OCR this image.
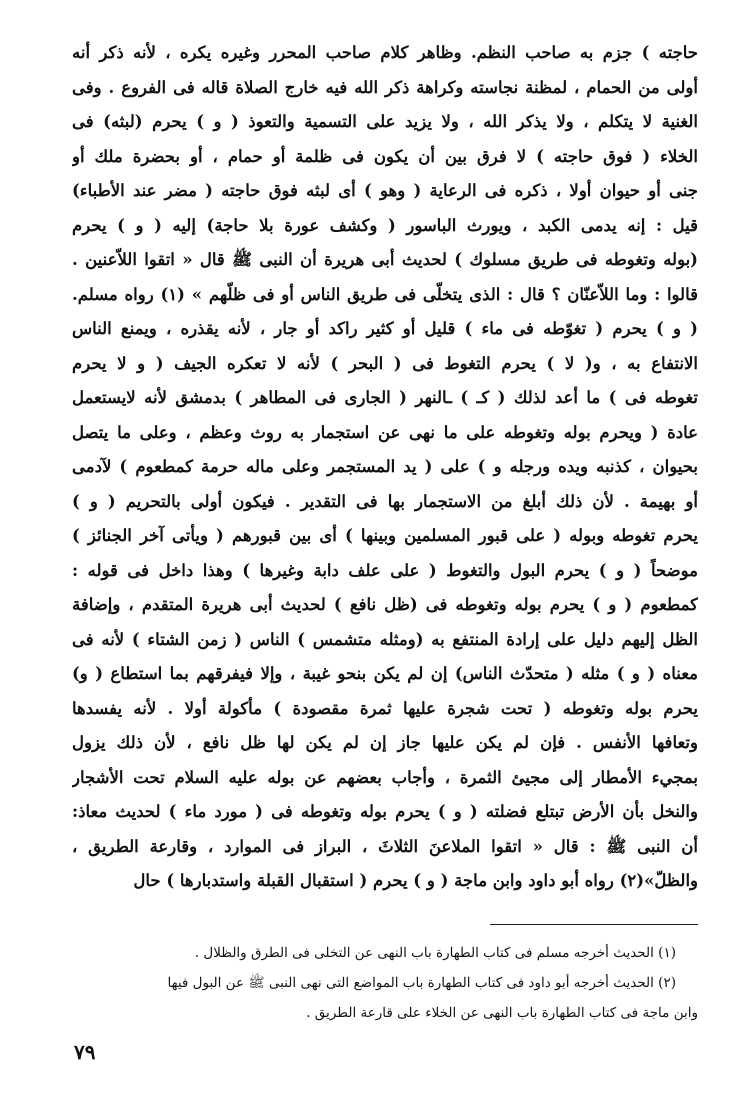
حاجته ) جزم به صاحب النظم. وظاهر كلام صاحب المحرر وغيره يكره ، لأنه ذكر أنه
أولى من الحمام ، لمظنة نجاسته وكراهة ذكر الله فيه خارج الصلاة قاله فى الفروع . وفى
الغنية لا يتكلم ، ولا يذكر الله ، ولا يزيد على التسمية والتعوذ ( و ) يحرم (لبثه) فى
الخلاء ( فوق حاجته ) لا فرق بين أن يكون فى ظلمة أو حمام ، أو بحضرة ملك أو
جنى أو حيوان أولا ، ذكره فى الرعاية ( وهو ) أى لبثه فوق حاجته ( مضر عند الأطباء)
قيل : إنه يدمى الكبد ، ويورث الباسور ( وكشف عورة بلا حاجة) إليه ( و ) يحرم
(بوله وتغوطه فى طريق مسلوك ) لحديث أبى هريرة أن النبى ﷺ قال « اتقوا اللاّعنين .
قالوا : وما اللاّعنّان ؟ قال : الذى يتخلّى فى طريق الناس أو فى ظلّهم » (١) رواه مسلم.
( و ) يحرم ( تغوّطه فى ماء ) قليل أو كثير راكد أو جار ، لأنه يقذره ، ويمنع الناس
الانتفاع به ، و( لا ) يحرم التغوط فى ( البحر ) لأنه لا تعكره الجيف ( و لا يحرم
تغوطه فى ) ما أعد لذلك ( كـ ) ـالنهر ( الجارى فى المطاهر ) بدمشق لأنه لايستعمل
عادة ( ويحرم بوله وتغوطه على ما نهى عن استجمار به روث وعظم ، وعلى ما يتصل
بحيوان ، كذنبه ويده ورجله و ) على ( يد المستجمر وعلى ماله حرمة كمطعوم ) لآدمى
أو بهيمة . لأن ذلك أبلغ من الاستجمار بها فى التقدير . فيكون أولى بالتحريم ( و )
يحرم تغوطه وبوله ( على قبور المسلمين وبينها ) أى بين قبورهم ( ويأتى آخر الجنائز )
موضحاً ( و ) يحرم البول والتغوط ( على علف دابة وغيرها ) وهذا داخل فى قوله :
كمطعوم ( و ) يحرم بوله وتغوطه فى (ظل نافع ) لحديث أبى هريرة المتقدم ، وإضافة
الظل إليهم دليل على إرادة المنتفع به (ومثله متشمس ) الناس ( زمن الشتاء ) لأنه فى
معناه ( و ) مثله ( متحدّث الناس) إن لم يكن بنحو غيبة ، وإلا فيفرقهم بما استطاع ( و)
يحرم بوله وتغوطه ( تحت شجرة عليها ثمرة مقصودة ) مأكولة أولا . لأنه يفسدها
وتعافها الأنفس . فإن لم يكن عليها جاز إن لم يكن لها ظل نافع ، لأن ذلك يزول
بمجيء الأمطار إلى مجيئ الثمرة ، وأجاب بعضهم عن بوله عليه السلام تحت الأشجار
والنخل بأن الأرض تبتلع فضلته ( و ) يحرم بوله وتغوطه فى ( مورد ماء ) لحديث معاذ:
أن النبى ﷺ : قال « اتقوا الملاعنَ الثلاثَ ، البراز فى الموارد ، وقارعة الطريق ،
والظلّ»(٢) رواه أبو داود وابن ماجة ( و ) يحرم ( استقبال القبلة واستدبارها ) حال
(١) الحديث أخرجه مسلم فى كتاب الطهارة باب النهى عن التخلى فى الطرق والظلال .
(٢) الحديث أخرجه أبو داود فى كتاب الطهارة باب المواضع التى نهى النبى ﷺ عن البول فيها
وابن ماجة فى كتاب الطهارة باب النهى عن الخلاء على قارعة الطريق .
٧٩
